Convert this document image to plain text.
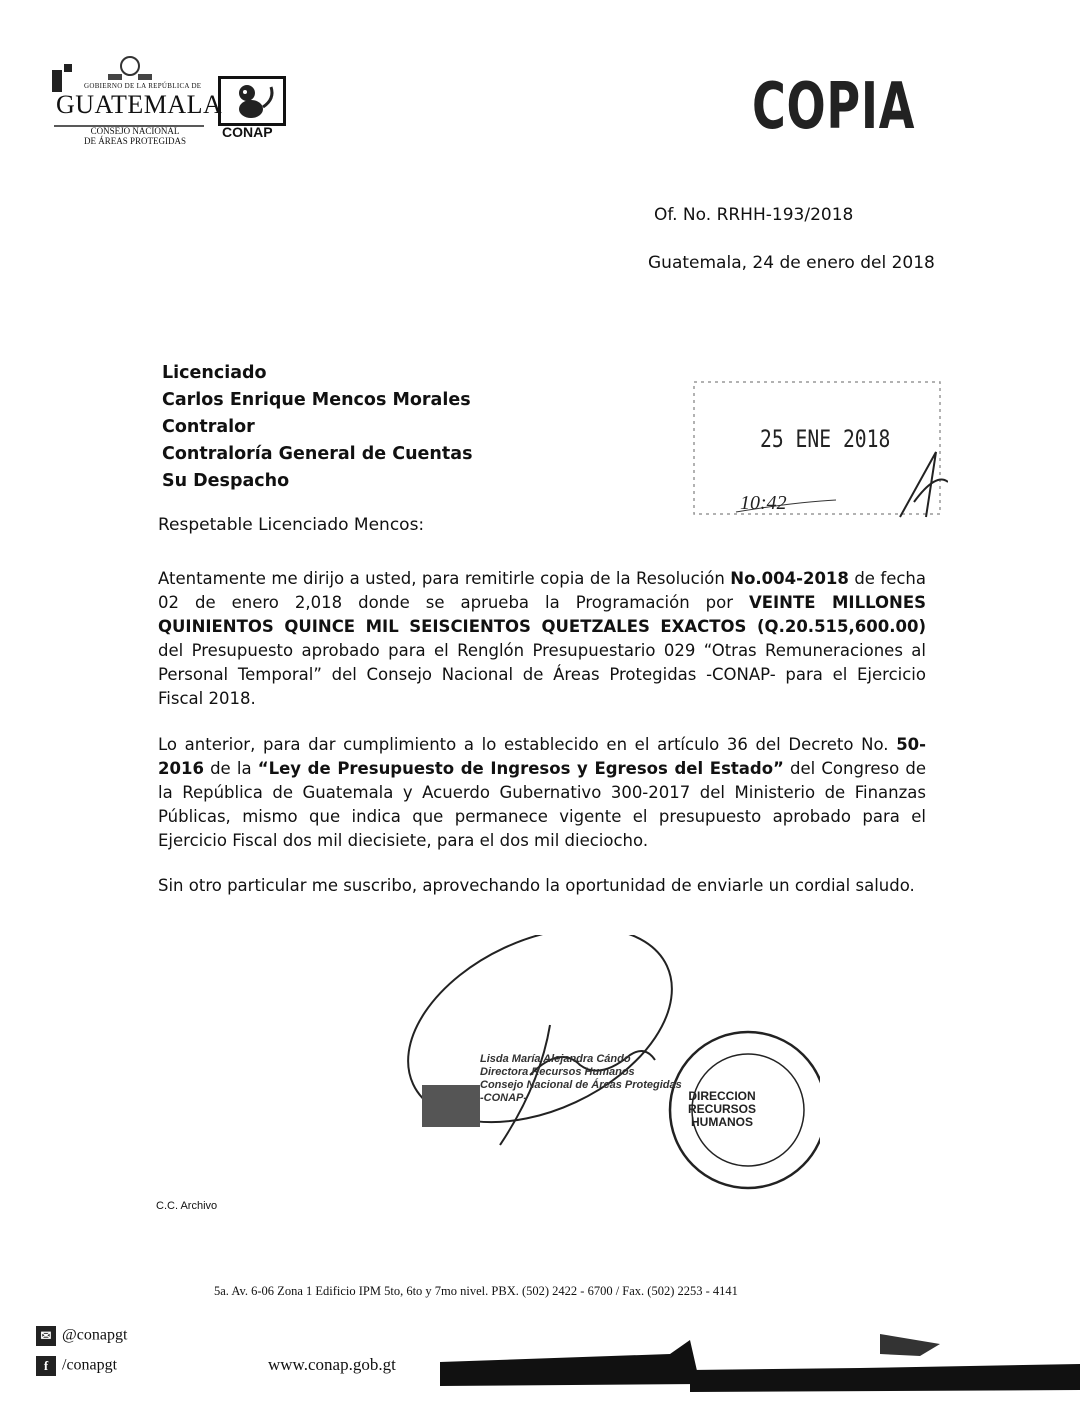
GOBIERNO DE LA REPÚBLICA DE
GUATEMALA
CONSEJO NACIONAL
DE ÁREAS PROTEGIDAS
CONAP	COPIA
Of. No. RRHH-193/2018
Guatemala, 24 de enero del 2018
Licenciado
Carlos Enrique Mencos Morales
Contralor
Contraloría General de Cuentas
Su Despacho
25 ENE 2018
10:42
Respetable Licenciado Mencos:
Atentamente me dirijo a usted, para remitirle copia de la Resolución No.004-2018 de fecha 02 de enero 2,018 donde se aprueba la Programación por VEINTE MILLONES QUINIENTOS QUINCE MIL SEISCIENTOS QUETZALES EXACTOS (Q.20.515,600.00) del Presupuesto aprobado para el Renglón Presupuestario 029 “Otras Remuneraciones al Personal Temporal” del Consejo Nacional de Áreas Protegidas -CONAP- para el Ejercicio Fiscal 2018.
Lo anterior, para dar cumplimiento a lo establecido en el artículo 36 del Decreto No. 50-2016 de la “Ley de Presupuesto de Ingresos y Egresos del Estado” del Congreso de la República de Guatemala y Acuerdo Gubernativo 300-2017 del Ministerio de Finanzas Públicas, mismo que indica que permanece vigente el presupuesto aprobado para el Ejercicio Fiscal dos mil diecisiete, para el dos mil dieciocho.
Sin otro particular me suscribo, aprovechando la oportunidad de enviarle un cordial saludo.
Lisda María Alejandra Cándo
Directora Recursos Humanos
Consejo Nacional de Áreas Protegidas
-CONAP-	DIRECCION
RECURSOS
HUMANOS
C.C. Archivo
5a. Av. 6-06 Zona 1 Edificio IPM 5to, 6to y 7mo nivel. PBX. (502) 2422 - 6700 / Fax. (502) 2253 - 4141
✉ @conapgt
f /conapgt	www.conap.gob.gt
